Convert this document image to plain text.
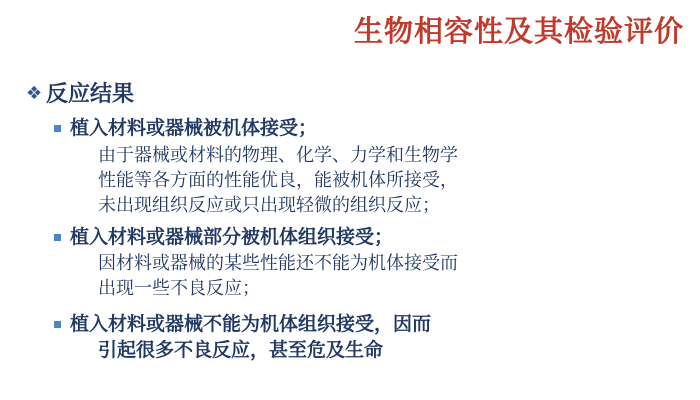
生物相容性及其检验评价
❖ 反应结果
植入材料或器械被机体接受；
由于器械或材料的物理、化学、力学和生物学
性能等各方面的性能优良，能被机体所接受，
未出现组织反应或只出现轻微的组织反应；
植入材料或器械部分被机体组织接受；
因材料或器械的某些性能还不能为机体接受而
出现一些不良反应；
植入材料或器械不能为机体组织接受，因而
引起很多不良反应，甚至危及生命
